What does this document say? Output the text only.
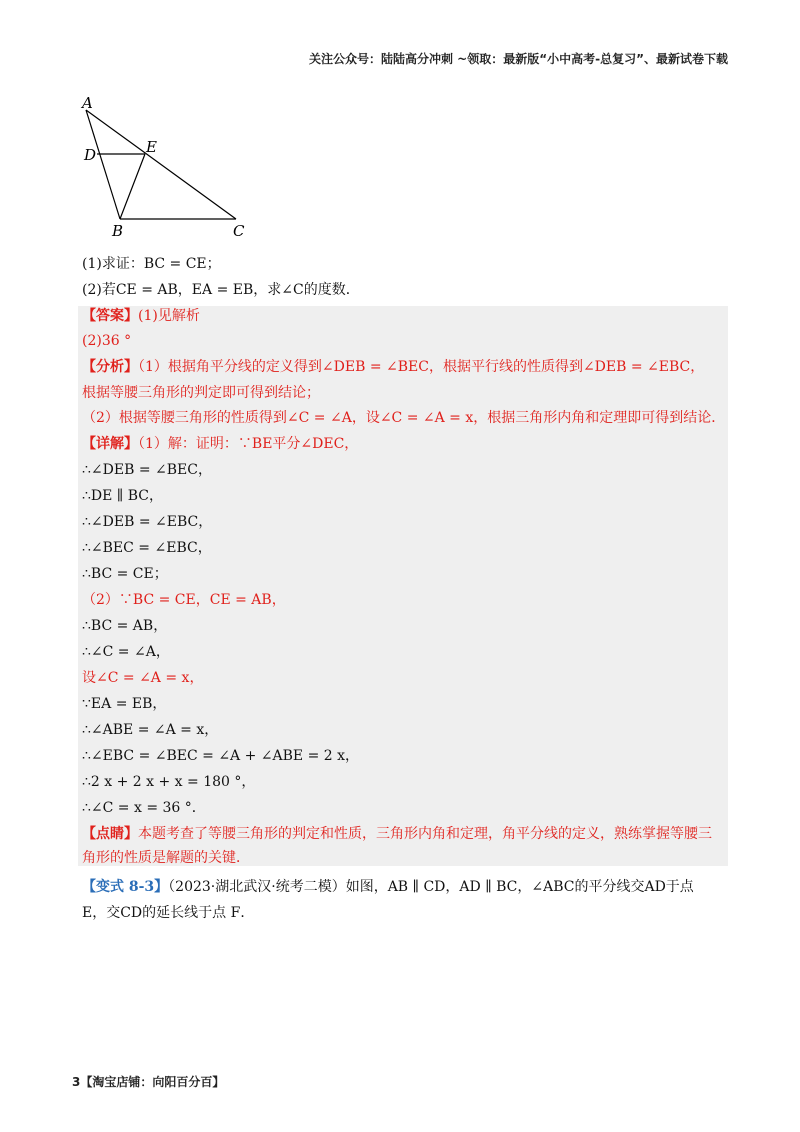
关注公众号：陆陆高分冲刺 ~领取：最新版“小中高考-总复习”、最新试卷下载
A
D	E
B	C
(1)求证：BC = CE；
(2)若CE = AB，EA = EB，求∠C的度数．
【答案】(1)见解析
(2)36 °
【分析】（1）根据角平分线的定义得到∠DEB = ∠BEC，根据平行线的性质得到∠DEB = ∠EBC，
根据等腰三角形的判定即可得到结论；
（2）根据等腰三角形的性质得到∠C = ∠A，设∠C = ∠A = x，根据三角形内角和定理即可得到结论．
【详解】（1）解：证明：∵BE平分∠DEC，
∴∠DEB = ∠BEC，
∴DE ∥ BC，
∴∠DEB = ∠EBC，
∴∠BEC = ∠EBC，
∴BC = CE；
（2）∵BC = CE，CE = AB，
∴BC = AB，
∴∠C = ∠A，
设∠C = ∠A = x，
∵EA = EB，
∴∠ABE = ∠A = x，
∴∠EBC = ∠BEC = ∠A + ∠ABE = 2 x，
∴2 x + 2 x + x = 180 °，
∴∠C = x = 36 °．
【点睛】本题考查了等腰三角形的判定和性质，三角形内角和定理，角平分线的定义，熟练掌握等腰三
角形的性质是解题的关键．
【变式 8-3】（2023·湖北武汉·统考二模）如图，AB ∥ CD，AD ∥ BC，∠ABC的平分线交AD于点
E，交CD的延长线于点 F．
3【淘宝店铺：向阳百分百】
